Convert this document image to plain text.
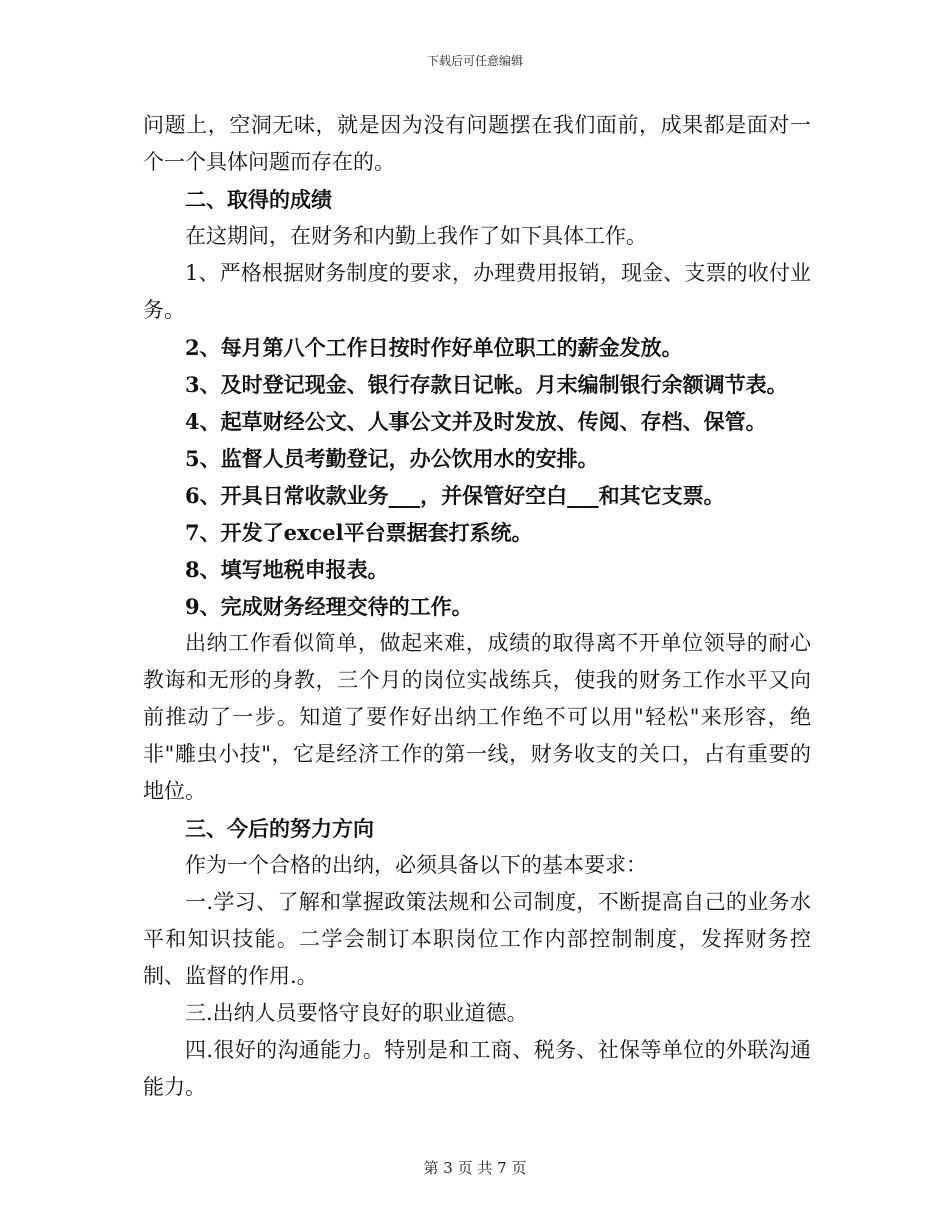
下载后可任意编辑

问题上，空洞无味，就是因为没有问题摆在我们面前，成果都是面对一个一个具体问题而存在的。

二、取得的成绩

在这期间，在财务和内勤上我作了如下具体工作。

1、严格根据财务制度的要求，办理费用报销，现金、支票的收付业务。

2、每月第八个工作日按时作好单位职工的薪金发放。

3、及时登记现金、银行存款日记帐。月末编制银行余额调节表。

4、起草财经公文、人事公文并及时发放、传阅、存档、保管。

5、监督人员考勤登记，办公饮用水的安排。

6、开具日常收款业务___，并保管好空白___和其它支票。

7、开发了excel平台票据套打系统。

8、填写地税申报表。

9、完成财务经理交待的工作。

出纳工作看似简单，做起来难，成绩的取得离不开单位领导的耐心教诲和无形的身教，三个月的岗位实战练兵，使我的财务工作水平又向前推动了一步。知道了要作好出纳工作绝不可以用"轻松"来形容，绝非"雕虫小技"，它是经济工作的第一线，财务收支的关口，占有重要的地位。

三、今后的努力方向

作为一个合格的出纳，必须具备以下的基本要求：

一.学习、了解和掌握政策法规和公司制度，不断提高自己的业务水平和知识技能。二学会制订本职岗位工作内部控制制度，发挥财务控制、监督的作用.。

三.出纳人员要恪守良好的职业道德。

四.很好的沟通能力。特别是和工商、税务、社保等单位的外联沟通能力。

第 3 页 共 7 页
